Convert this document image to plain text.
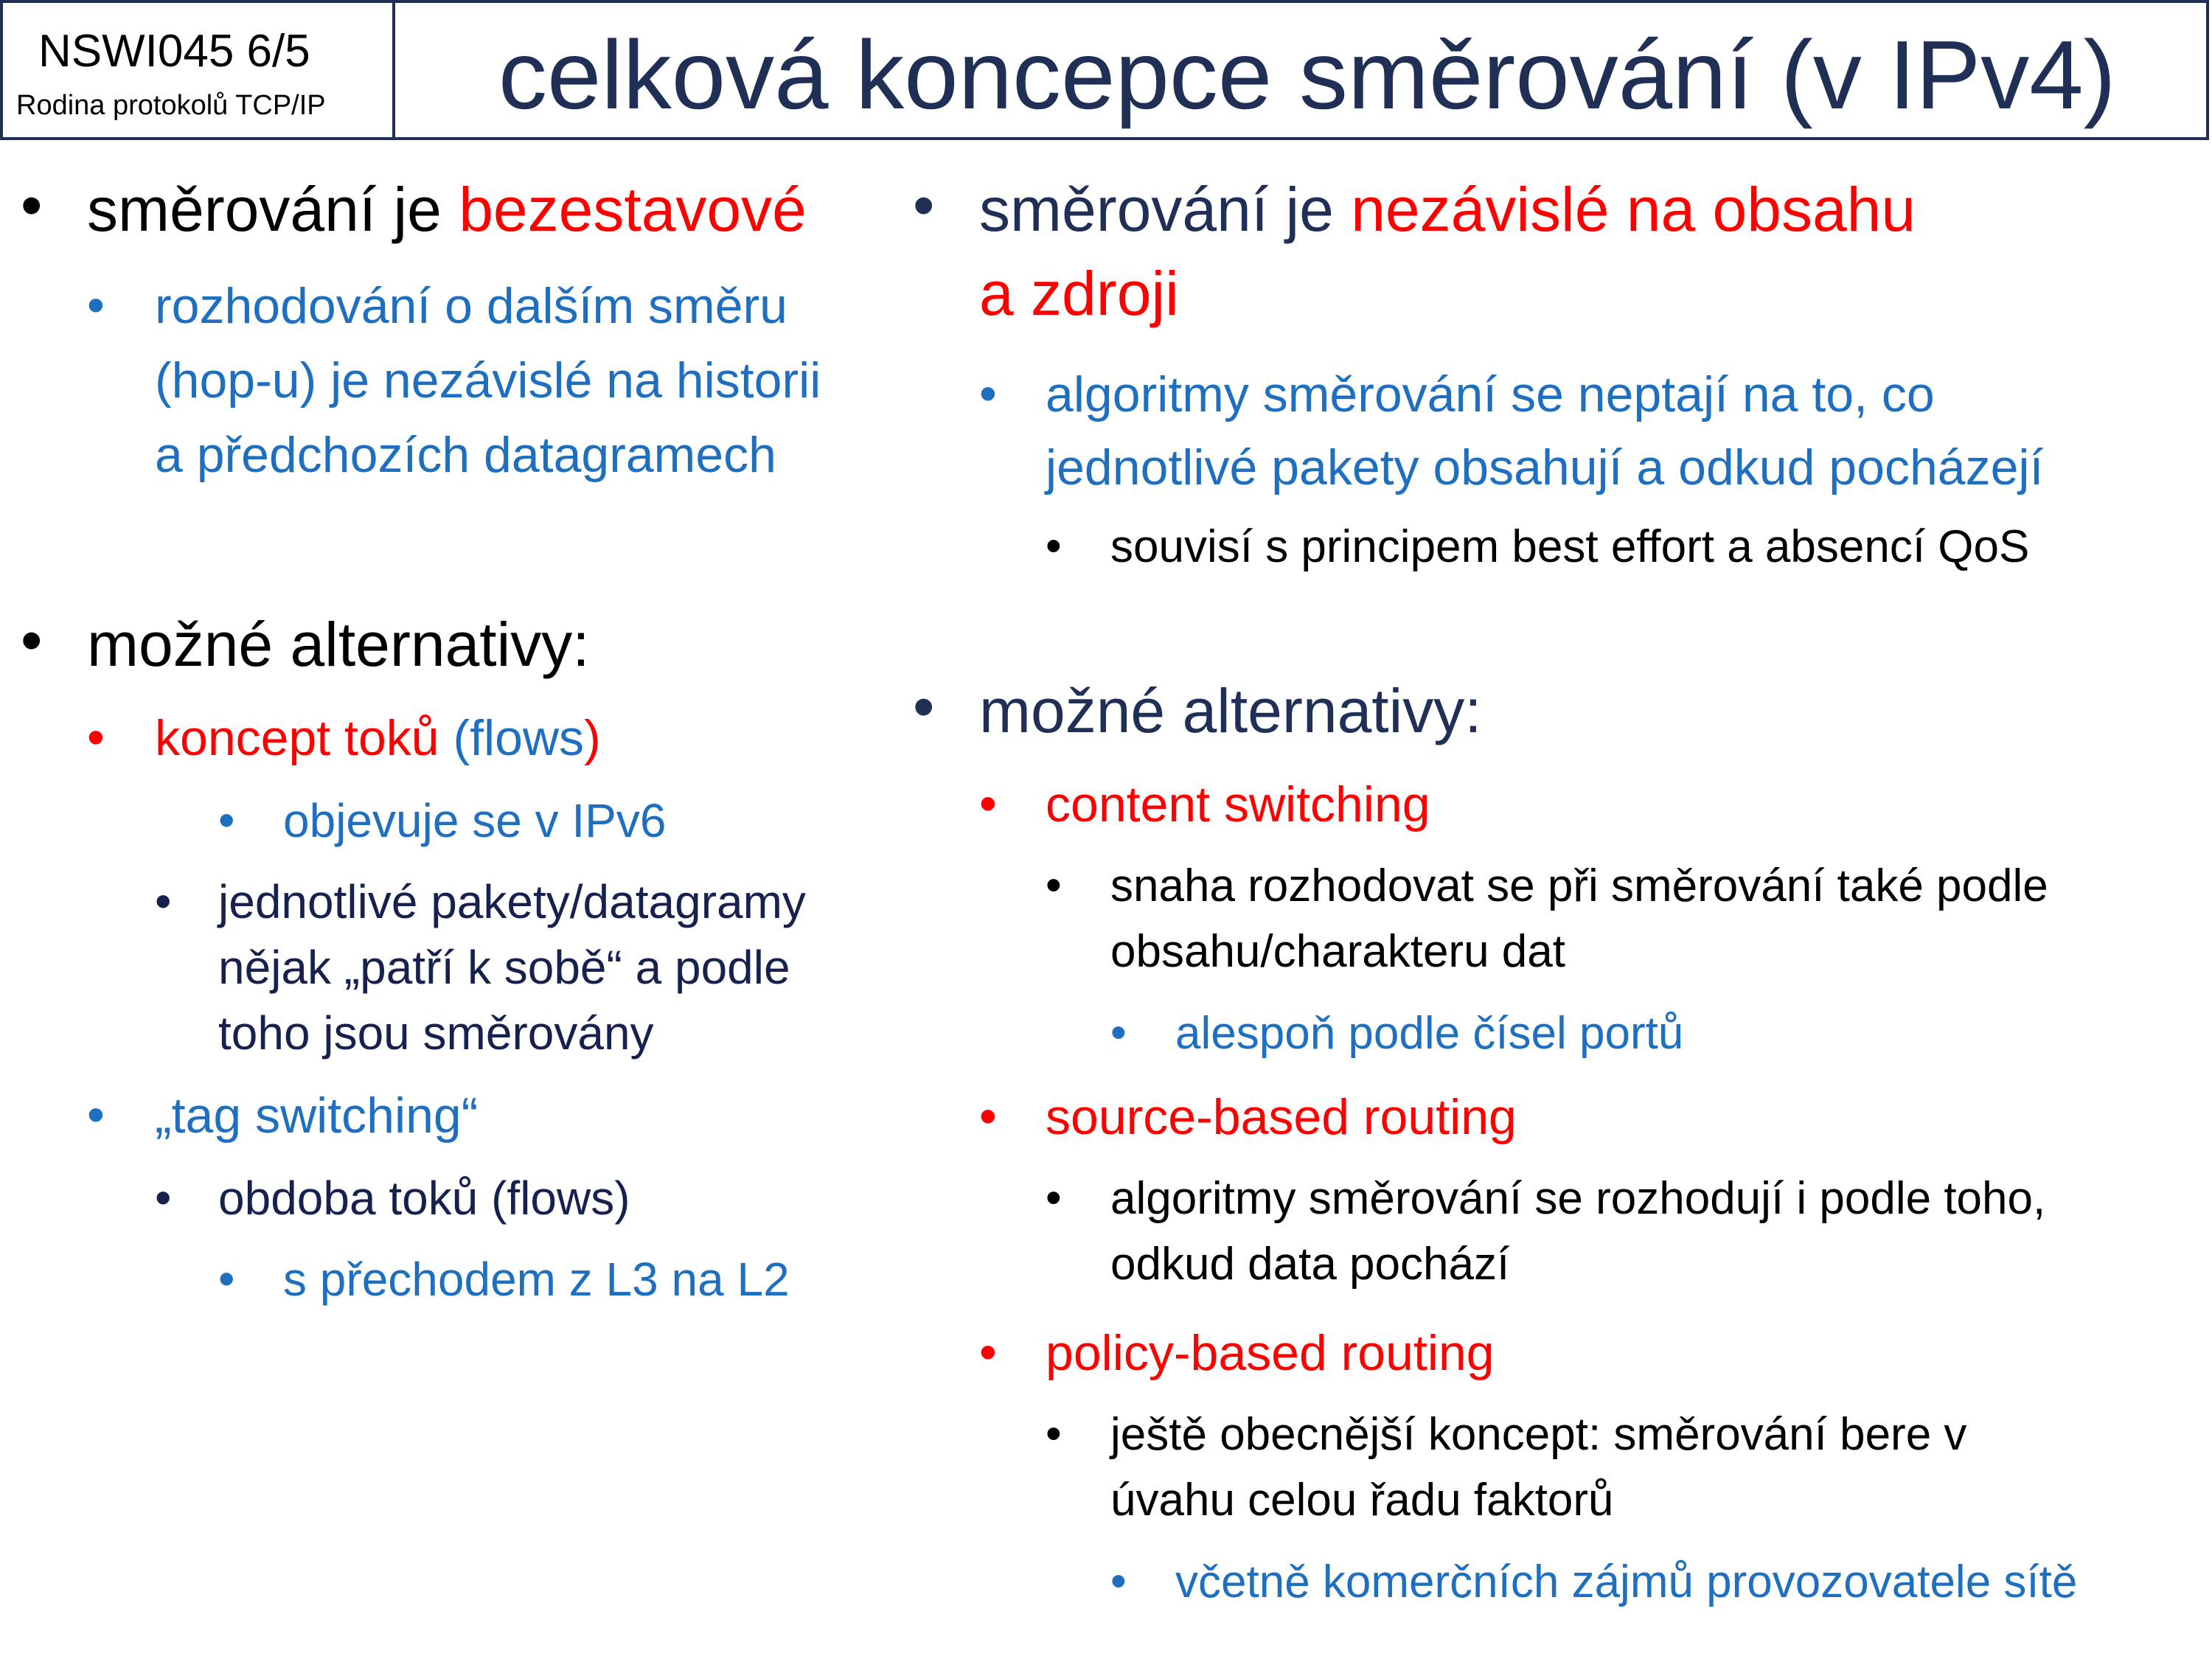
NSWI045 6/5
Rodina protokolů TCP/IP celková koncepce směrování (v IPv4)
• směrování je bezestavové
• rozhodování o dalším směru
(hop-u) je nezávislé na historii
a předchozích datagramech
• možné alternativy:
• koncept toků (flows)
• objevuje se v IPv6
• jednotlivé pakety/datagramy
nějak „patří k sobě“ a podle
toho jsou směrovány
• „tag switching“
• obdoba toků (flows)
• s přechodem z L3 na L2
• směrování je nezávislé na obsahu
a zdroji
• algoritmy směrování se neptají na to, co
jednotlivé pakety obsahují a odkud pocházejí
• souvisí s principem best effort a absencí QoS
• možné alternativy:
• content switching
• snaha rozhodovat se při směrování také podle
obsahu/charakteru dat
• alespoň podle čísel portů
• source-based routing
• algoritmy směrování se rozhodují i podle toho,
odkud data pochází
• policy-based routing
• ještě obecnější koncept: směrování bere v
úvahu celou řadu faktorů
• včetně komerčních zájmů provozovatele sítě
